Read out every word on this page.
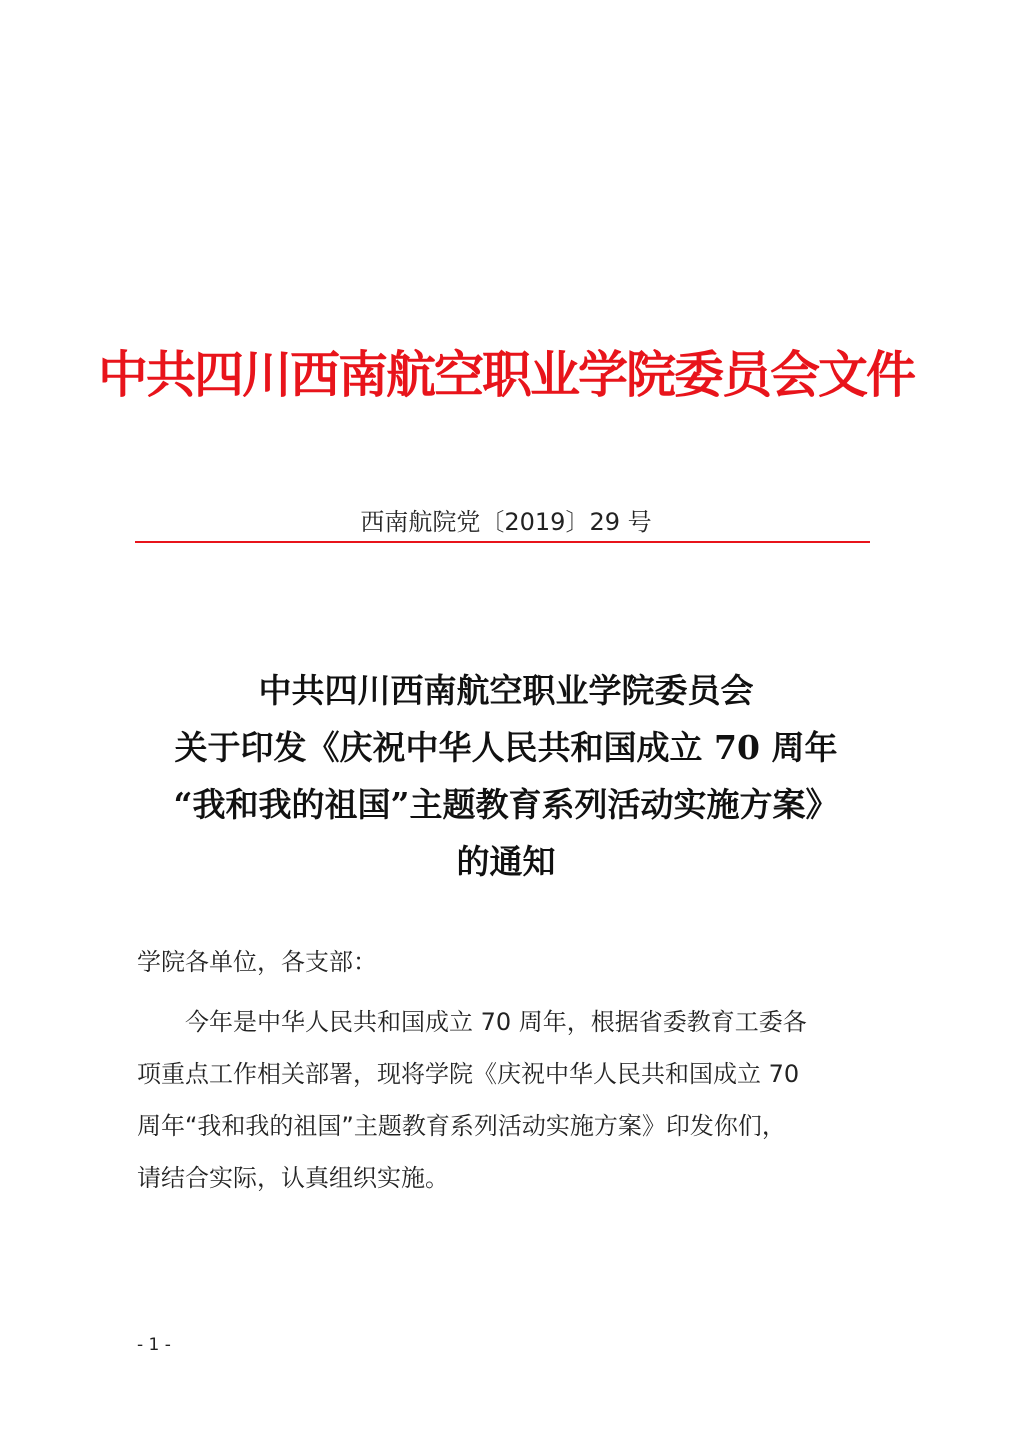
中共四川西南航空职业学院委员会文件
西南航院党〔2019〕29 号
中共四川西南航空职业学院委员会
关于印发《庆祝中华人民共和国成立 70 周年
“我和我的祖国”主题教育系列活动实施方案》
的通知
学院各单位，各支部：
今年是中华人民共和国成立 70 周年，根据省委教育工委各
项重点工作相关部署，现将学院《庆祝中华人民共和国成立 70
周年“我和我的祖国”主题教育系列活动实施方案》印发你们，
请结合实际，认真组织实施。
- 1 -
